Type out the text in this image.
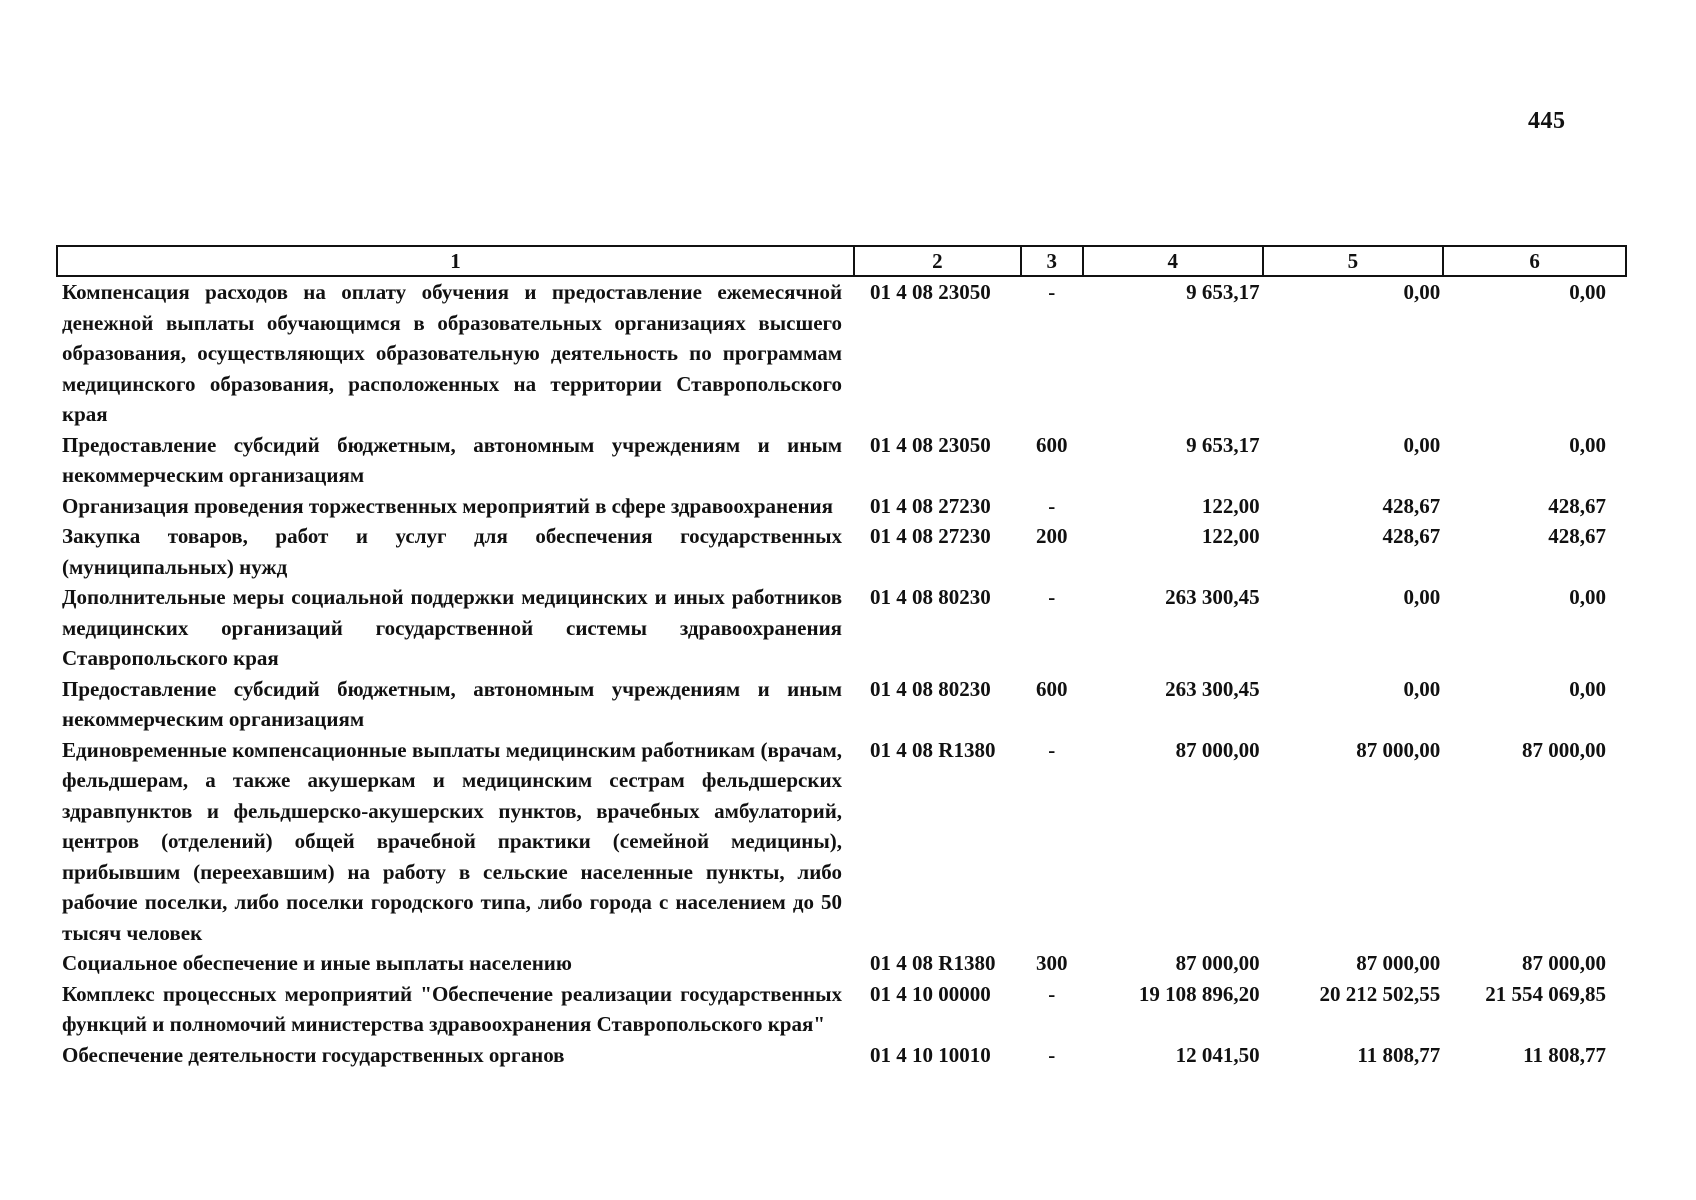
445
1	2	3	4	5	6
Компенсация расходов на оплату обучения и предоставление ежемесячной денежной выплаты обучающимся в образовательных организациях высшего образования, осуществляющих образовательную деятельность по программам медицинского образования, расположенных на территории Ставропольского края	01 4 08 23050	-	9 653,17	0,00	0,00
Предоставление субсидий бюджетным, автономным учреждениям и иным некоммерческим организациям	01 4 08 23050	600	9 653,17	0,00	0,00
Организация проведения торжественных мероприятий в сфере здравоохранения	01 4 08 27230	-	122,00	428,67	428,67
Закупка товаров, работ и услуг для обеспечения государственных (муниципальных) нужд	01 4 08 27230	200	122,00	428,67	428,67
Дополнительные меры социальной поддержки медицинских и иных работников медицинских организаций государственной системы здравоохранения Ставропольского края	01 4 08 80230	-	263 300,45	0,00	0,00
Предоставление субсидий бюджетным, автономным учреждениям и иным некоммерческим организациям	01 4 08 80230	600	263 300,45	0,00	0,00
Единовременные компенсационные выплаты медицинским работникам (врачам, фельдшерам, а также акушеркам и медицинским сестрам фельдшерских здравпунктов и фельдшерско-акушерских пунктов, врачебных амбулаторий, центров (отделений) общей врачебной практики (семейной медицины), прибывшим (переехавшим) на работу в сельские населенные пункты, либо рабочие поселки, либо поселки городского типа, либо города с населением до 50 тысяч человек	01 4 08 R1380	-	87 000,00	87 000,00	87 000,00
Социальное обеспечение и иные выплаты населению	01 4 08 R1380	300	87 000,00	87 000,00	87 000,00
Комплекс процессных мероприятий "Обеспечение реализации государственных функций и полномочий министерства здравоохранения Ставропольского края"	01 4 10 00000	-	19 108 896,20	20 212 502,55	21 554 069,85
Обеспечение деятельности государственных органов	01 4 10 10010	-	12 041,50	11 808,77	11 808,77
